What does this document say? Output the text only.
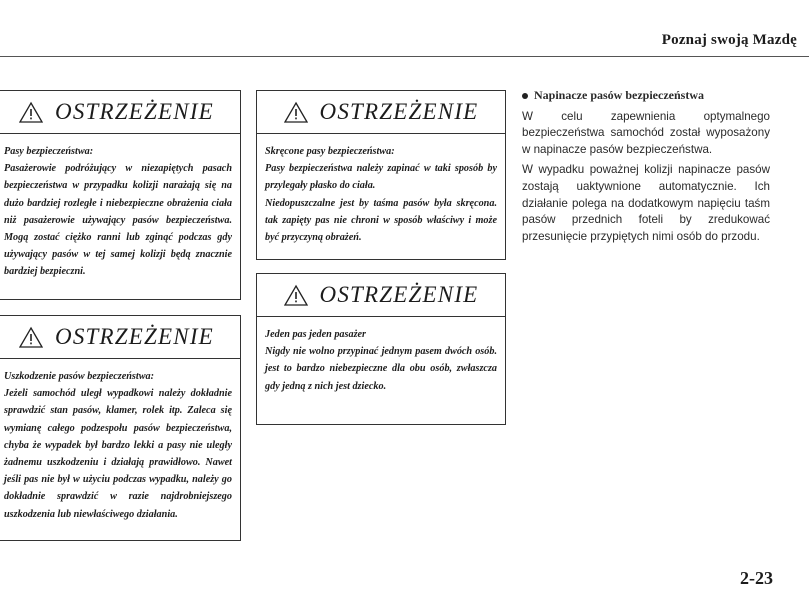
Poznaj swoją Mazdę
OSTRZEŻENIE

Pasy bezpieczeństwa:

Pasażerowie podróżujący w niezapiętych pasach bezpieczeństwa w przypadku kolizji narażają się na dużo bardziej rozległe i niebezpieczne obrażenia ciała niż pasażerowie używający pasów bezpieczeństwa. Mogą zostać ciężko ranni lub zginąć podczas gdy używający pasów w tej samej kolizji będą znacznie bardziej bezpieczni.

OSTRZEŻENIE

Skręcone pasy bezpieczeństwa:

Pasy bezpieczeństwa należy zapinać w taki sposób by przylegały płasko do ciała.

Niedopuszczalne jest by taśma pasów była skręcona. tak zapięty pas nie chroni w sposób właściwy i może być przyczyną obrażeń.

OSTRZEŻENIE

Jeden pas jeden pasażer

Nigdy nie wolno przypinać jednym pasem dwóch osób. jest to bardzo niebezpieczne dla obu osób, zwłaszcza gdy jedną z nich jest dziecko.

OSTRZEŻENIE

Uszkodzenie pasów bezpieczeństwa:

Jeżeli samochód uległ wypadkowi należy dokładnie sprawdzić stan pasów, klamer, rolek itp. Zaleca się wymianę całego podzespołu pasów bezpieczeństwa, chyba że wypadek był bardzo lekki a pasy nie uległy żadnemu uszkodzeniu i działają prawidłowo. Nawet jeśli pas nie był w użyciu podczas wypadku, należy go dokładnie sprawdzić w razie najdrobniejszego uszkodzenia lub niewłaściwego działania.

Napinacze pasów bezpieczeństwa

W celu zapewnienia optymalnego bezpieczeństwa samochód został wyposażony w napinacze pasów bezpieczeństwa.

W wypadku poważnej kolizji napinacze pasów zostają uaktywnione automatycznie. Ich działanie polega na dodatkowym napięciu taśm pasów przednich foteli by zredukować przesunięcie przypiętych nimi osób do przodu.

2-23
